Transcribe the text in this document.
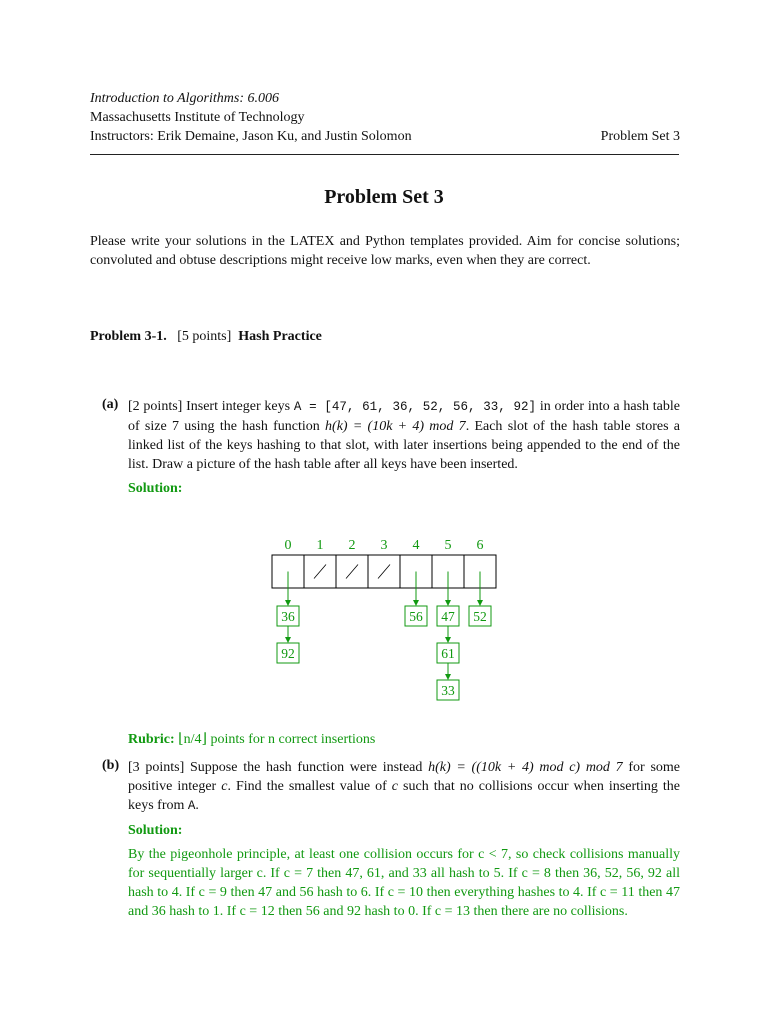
Introduction to Algorithms: 6.006
Massachusetts Institute of Technology
Instructors: Erik Demaine, Jason Ku, and Justin Solomon	Problem Set 3
Problem Set 3
Please write your solutions in the LATEX and Python templates provided. Aim for concise solutions; convoluted and obtuse descriptions might receive low marks, even when they are correct.
Problem 3-1. [5 points] Hash Practice
(a) [2 points] Insert integer keys A = [47, 61, 36, 52, 56, 33, 92] in order into a hash table of size 7 using the hash function h(k) = (10k + 4) mod 7. Each slot of the hash table stores a linked list of the keys hashing to that slot, with later insertions being appended to the end of the list. Draw a picture of the hash table after all keys have been inserted.
Solution:
0 1 2 3 4 5 6
36
92
56 47
61
33
52
Rubric: ⌊n/4⌋ points for n correct insertions
(b) [3 points] Suppose the hash function were instead h(k) = ((10k + 4) mod c) mod 7 for some positive integer c. Find the smallest value of c such that no collisions occur when inserting the keys from A.
Solution:
By the pigeonhole principle, at least one collision occurs for c < 7, so check collisions manually for sequentially larger c. If c = 7 then 47, 61, and 33 all hash to 5. If c = 8 then 36, 52, 56, 92 all hash to 4. If c = 9 then 47 and 56 hash to 6. If c = 10 then everything hashes to 4. If c = 11 then 47 and 36 hash to 1. If c = 12 then 56 and 92 hash to 0. If c = 13 then there are no collisions.
